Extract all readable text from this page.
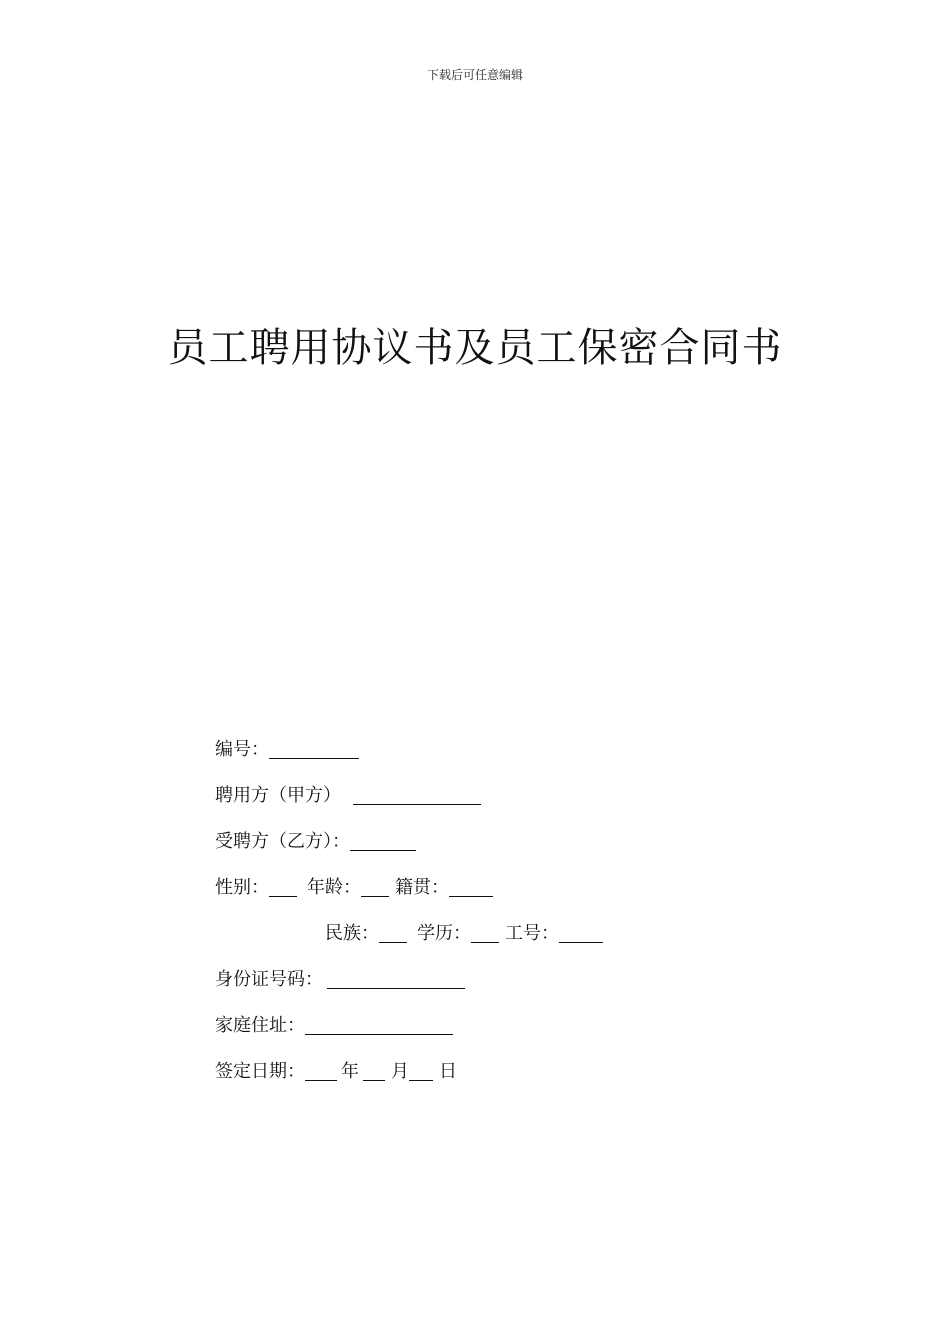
下载后可任意编辑
员工聘用协议书及员工保密合同书
编号：
聘用方（甲方）
受聘方（乙方）：
性别： 年龄： 籍贯：
民族： 学历： 工号：
身份证号码：
家庭住址：
签定日期： 年 月 日
